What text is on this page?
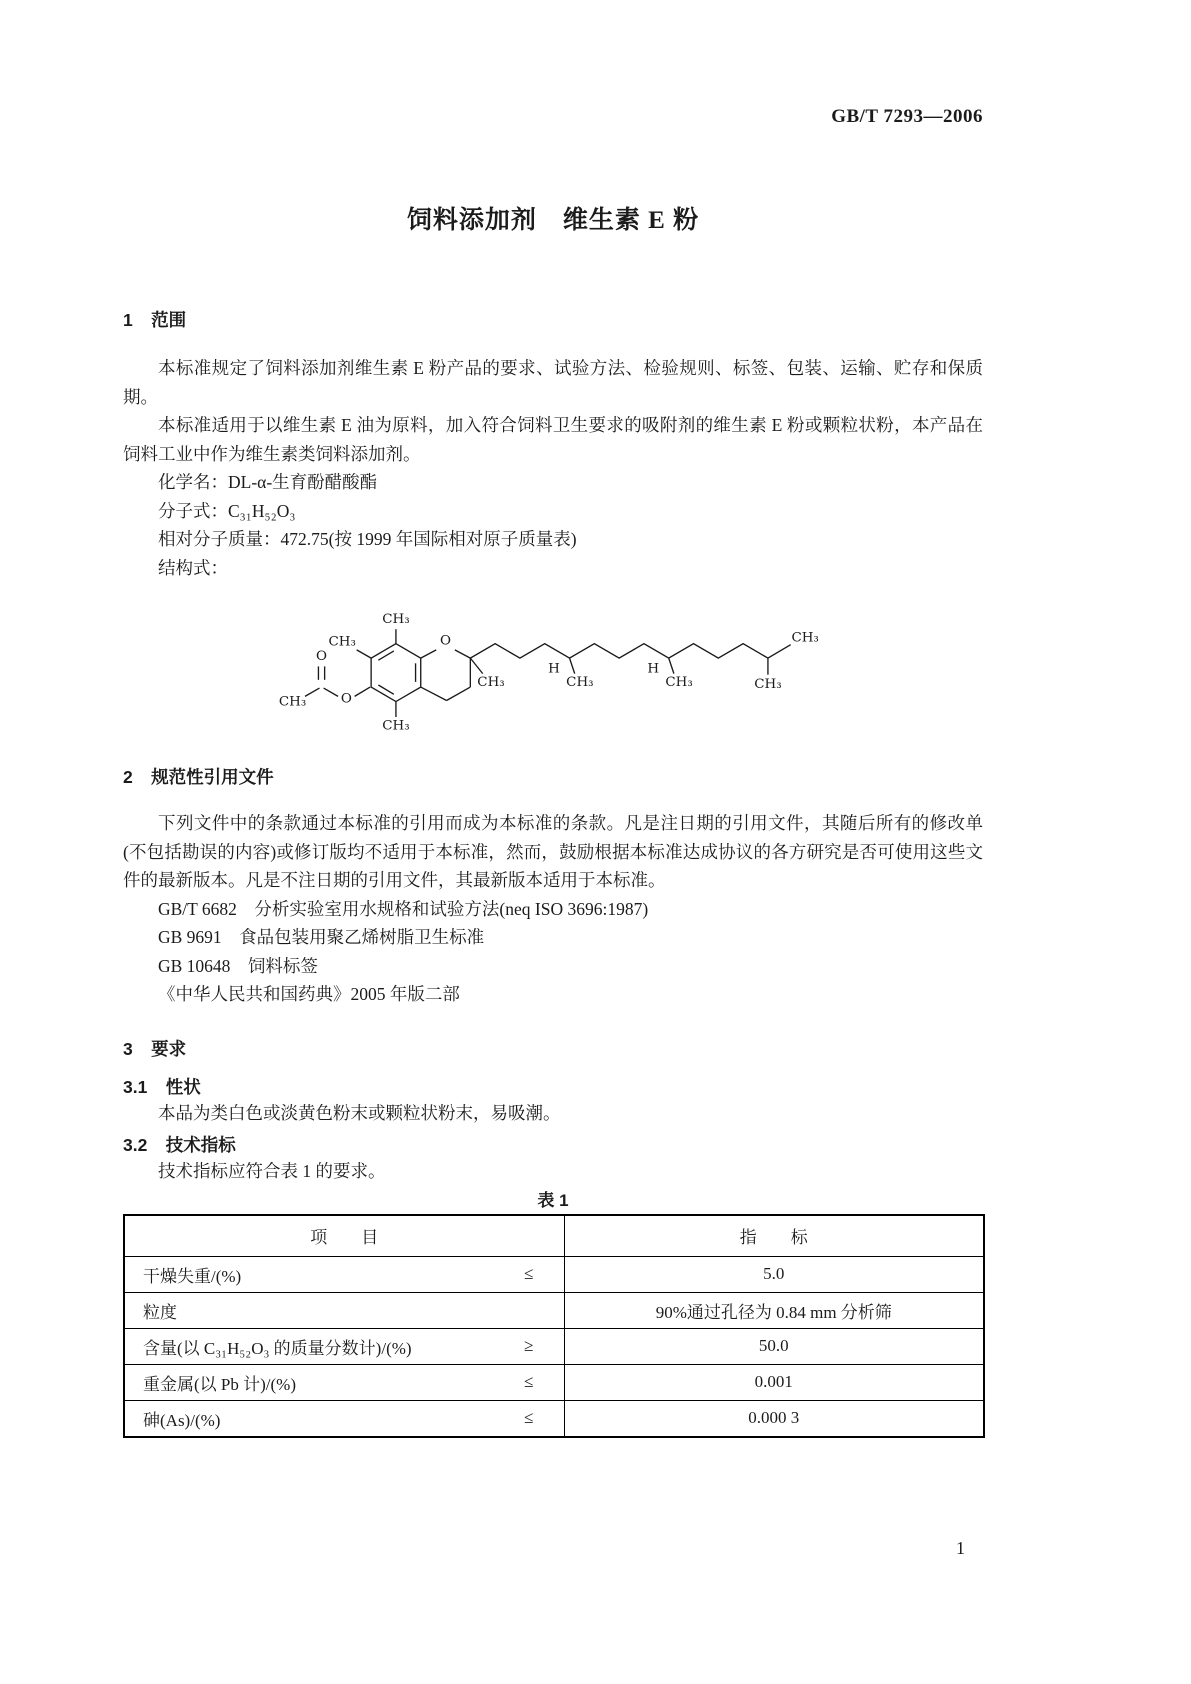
GB/T 7293—2006
饲料添加剂　维生素 E 粉
1 范围

本标准规定了饲料添加剂维生素 E 粉产品的要求、试验方法、检验规则、标签、包装、运输、贮存和保质期。

本标准适用于以维生素 E 油为原料，加入符合饲料卫生要求的吸附剂的维生素 E 粉或颗粒状粉，本产品在饲料工业中作为维生素类饲料添加剂。

化学名：DL-α-生育酚醋酸酯

分子式：C₃₁H₅₂O₃

相对分子质量：472.75(按 1999 年国际相对原子质量表)

结构式：

CH₃
O
O
CH₃
CH₃
CH₃
O
CH₃
H
CH₃
H
CH₃
CH₃
CH₃
2 规范性引用文件

下列文件中的条款通过本标准的引用而成为本标准的条款。凡是注日期的引用文件，其随后所有的修改单(不包括勘误的内容)或修订版均不适用于本标准，然而，鼓励根据本标准达成协议的各方研究是否可使用这些文件的最新版本。凡是不注日期的引用文件，其最新版本适用于本标准。

GB/T 6682　分析实验室用水规格和试验方法(neq ISO 3696:1987)

GB 9691　食品包装用聚乙烯树脂卫生标准

GB 10648　饲料标签

《中华人民共和国药典》2005 年版二部

3 要求
3.1 性状

本品为类白色或淡黄色粉末或颗粒状粉末，易吸潮。

3.2 技术指标

技术指标应符合表 1 的要求。

表 1
项　　目	指　　标

干燥失重/(%) ≤	5.0

粒度	90%通过孔径为 0.84 mm 分析筛

含量(以 C₃₁H₅₂O₃ 的质量分数计)/(%) ≥	50.0

重金属(以 Pb 计)/(%) ≤	0.001

砷(As)/(%) ≤	0.000 3
1
